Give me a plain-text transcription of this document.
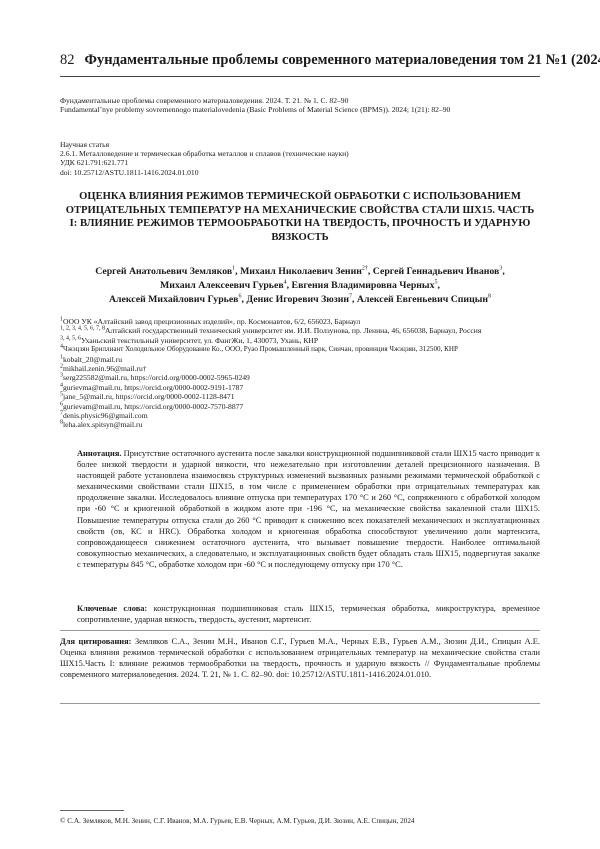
82 Фундаментальные проблемы современного материаловедения том 21 №1 (2024)
Фундаментальные проблемы современного материаловедения. 2024. Т. 21. № 1. С. 82–90
Fundamental’nye problemy sovremennogo materialovedenia (Basic Problems of Material Science (BPMS)). 2024; 1(21): 82–90
Научная статья
2.6.1. Металловедение и термическая обработка металлов и сплавов (технические науки)
УДК 621.791:621.771
doi: 10.25712/ASTU.1811-1416.2024.01.010
ОЦЕНКА ВЛИЯНИЯ РЕЖИМОВ ТЕРМИЧЕСКОЙ ОБРАБОТКИ С ИСПОЛЬЗОВАНИЕМ ОТРИЦАТЕЛЬНЫХ ТЕМПЕРАТУР НА МЕХАНИЧЕСКИЕ СВОЙСТВА СТАЛИ ШХ15. ЧАСТЬ I: ВЛИЯНИЕ РЕЖИМОВ ТЕРМООБРАБОТКИ НА ТВЕРДОСТЬ, ПРОЧНОСТЬ И УДАРНУЮ ВЯЗКОСТЬ
Сергей Анатольевич Земляков1, Михаил Николаевич Зенин2†, Сергей Геннадьевич Иванов3,
Михаил Алексеевич Гурьев4, Евгения Владимировна Черных5,
Алексей Михайлович Гурьев6, Денис Игоревич Зюзин7, Алексей Евгеньевич Спицын8
1ООО УК «Алтайский завод прецизионных изделий», пр. Космонавтов, 6/2, 656023, Барнаул
1, 2, 3, 4, 5, 6, 7, 8Алтайский государственный технический университет им. И.И. Ползунова, пр. Ленина, 46, 656038, Барнаул, Россия
3, 4, 5, 6Уханьский текстильный университет, ул. ФангЖи, 1, 430073, Ухань, КНР
4Чжэцзян Бриллиант Холодильное Оборудование Ко., ООО, Руао Промышленный парк, Синчан, провинция Чжэцзян, 312500, КНР
1kobalt_20@mail.ru
2mikhail.zenin.96@mail.ru†
3serg225582@mail.ru, https://orcid.org/0000-0002-5965-0249
4gurievma@mail.ru, https://orcid.org/0000-0002-9191-1787
5jane_5@mail.ru, https://orcid.org/0000-0002-1128-8471
6gurievam@mail.ru, https://orcid.org/0000-0002-7570-8877
7denis.physic96@gmail.com
8leha.alex.spitsyn@mail.ru
Аннотация. Присутствие остаточного аустенита после закалки конструкционной подшипниковой стали ШХ15 часто приводит к более низкой твердости и ударной вязкости, что нежелательно при изготовлении деталей прецизионного назначения. В настоящей работе установлена взаимосвязь структурных изменений вызванных разными режимами термической обработкой с механическими свойствами стали ШХ15, в том числе с применением обработки при отрицательных температурах как продолжение закалки. Исследовалось влияние отпуска при температурах 170 °С и 260 °С, сопряженного с обработкой холодом при -60 °С и криогенной обработкой в жидком азоте при -196 °С, на механические свойства закаленной стали ШХ15. Повышение температуры отпуска стали до 260 °С приводит к снижению всех показателей механических и эксплуатационных свойств (σв, КС и HRC). Обработка холодом и криогенная обработка способствуют увеличению доли мартенсита, сопровождающееся снижением остаточного аустенита, что вызывает повышение твердости. Наиболее оптимальной совокупностью механических, а следовательно, и эксплуатационных свойств будет обладать сталь ШХ15, подвергнутая закалке с температуры 845 °С, обработке холодом при -60 °С и последующему отпуску при 170 °С.
Ключевые слова: конструкционная подшипниковая сталь ШХ15, термическая обработка, микроструктура, временное сопротивление, ударная вязкость, твердость, аустенит, мартенсит.
Для цитирования: Земляков С.А., Зенин М.Н., Иванов С.Г., Гурьев М.А., Черных Е.В., Гурьев А.М., Зюзин Д.И., Спицын А.Е. Оценка влияния режимов термической обработки с использованием отрицательных температур на механические свойства стали ШХ15.Часть I: влияние режимов термообработки на твердость, прочность и ударную вязкость // Фундаментальные проблемы современного материаловедения. 2024. Т. 21, № 1. С. 82–90. doi: 10.25712/ASTU.1811-1416.2024.01.010.
© С.А. Земляков, М.Н. Зенин, С.Г. Иванов, М.А. Гурьев, Е.В. Черных, А.М. Гурьев, Д.И. Зюзин, А.Е. Спицын, 2024
